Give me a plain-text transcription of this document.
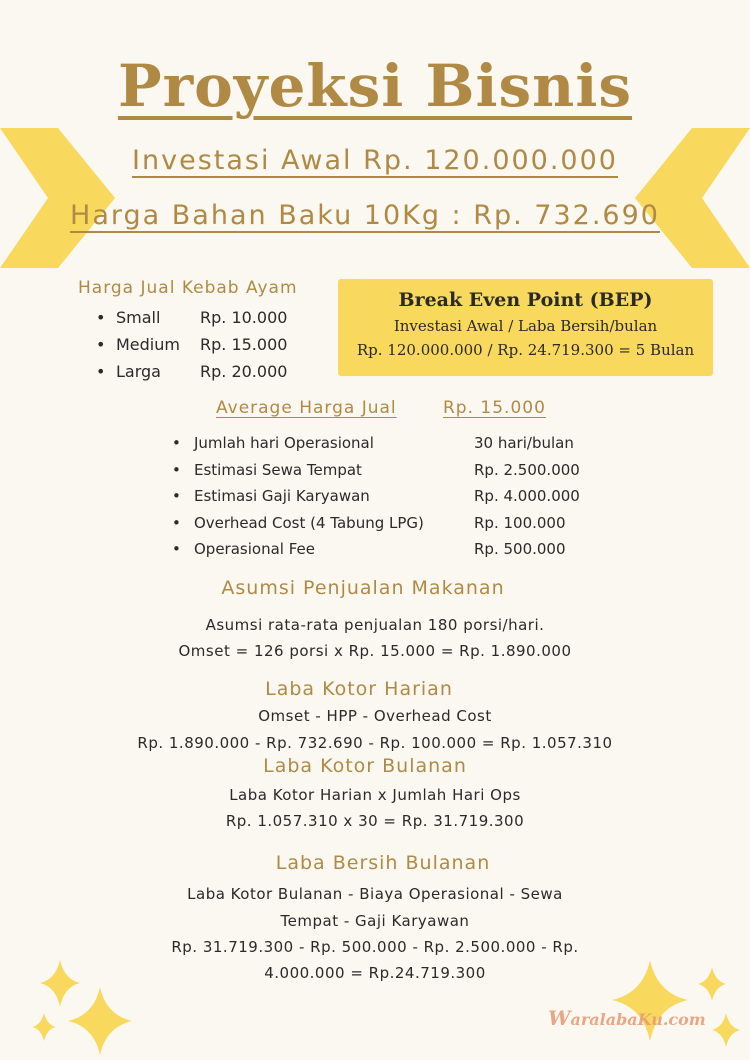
Proyeksi Bisnis
Investasi Awal Rp. 120.000.000
Harga Bahan Baku 10Kg : Rp. 732.690
Harga Jual Kebab Ayam
• Small	Rp. 10.000
• Medium	Rp. 15.000
• Larga	Rp. 20.000
Break Even Point (BEP)
Investasi Awal / Laba Bersih/bulan
Rp. 120.000.000 / Rp. 24.719.300 = 5 Bulan
Average Harga Jual	Rp. 15.000
• Jumlah hari Operasional	30 hari/bulan
• Estimasi Sewa Tempat	Rp. 2.500.000
• Estimasi Gaji Karyawan	Rp. 4.000.000
• Overhead Cost (4 Tabung LPG)	Rp. 100.000
• Operasional Fee	Rp. 500.000
Asumsi Penjualan Makanan
Asumsi rata-rata penjualan 180 porsi/hari.
Omset = 126 porsi x Rp. 15.000 = Rp. 1.890.000
Laba Kotor Harian
Omset - HPP - Overhead Cost
Rp. 1.890.000 - Rp. 732.690 - Rp. 100.000 = Rp. 1.057.310
Laba Kotor Bulanan
Laba Kotor Harian x Jumlah Hari Ops
Rp. 1.057.310 x 30 = Rp. 31.719.300
Laba Bersih Bulanan
Laba Kotor Bulanan - Biaya Operasional - Sewa
Tempat - Gaji Karyawan
Rp. 31.719.300 - Rp. 500.000 - Rp. 2.500.000 - Rp.
4.000.000 = Rp.24.719.300
WaralabaKu.com
